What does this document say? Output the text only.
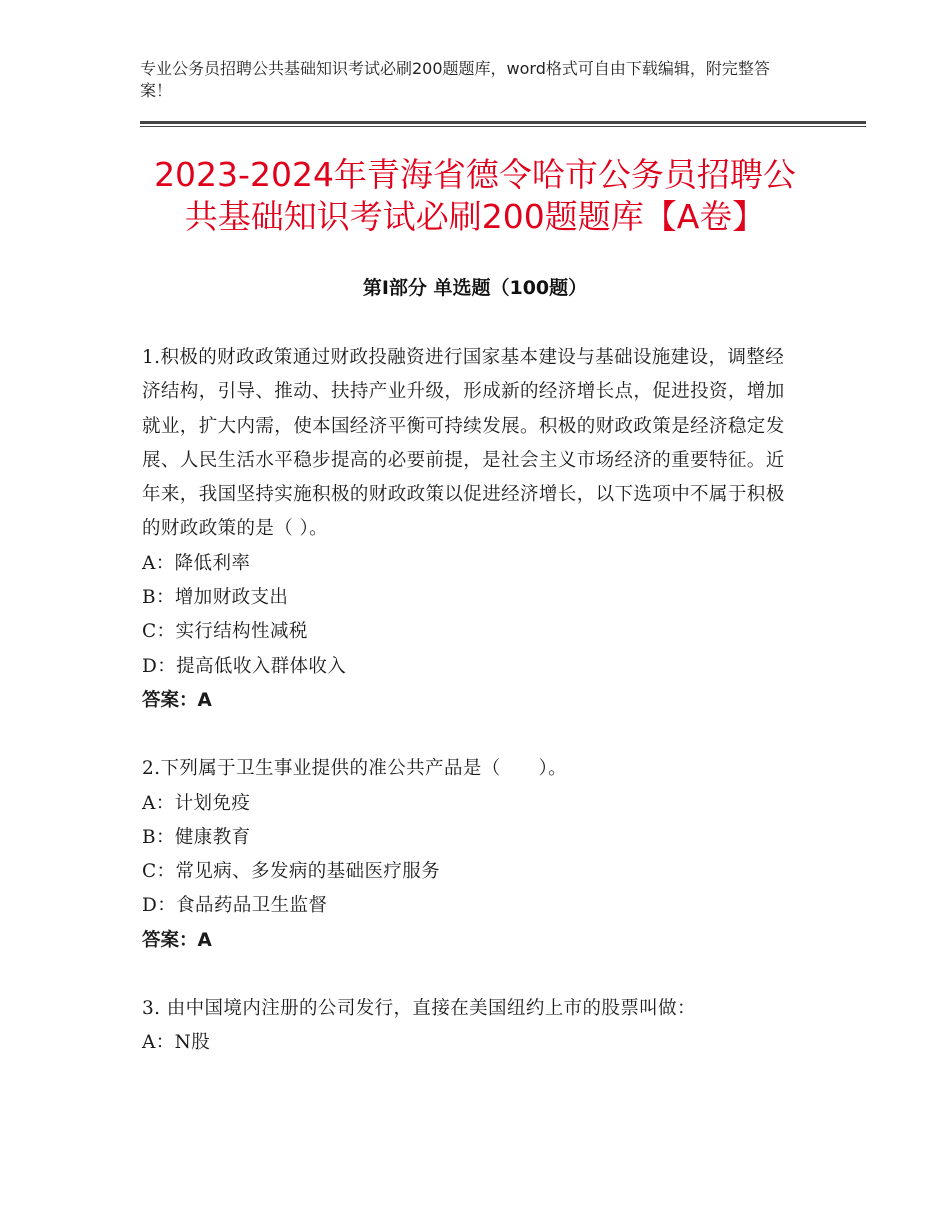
专业公务员招聘公共基础知识考试必刷200题题库，word格式可自由下载编辑，附完整答案！
2023-2024年青海省德令哈市公务员招聘公共基础知识考试必刷200题题库【A卷】
第Ⅰ部分 单选题（100题）

1.积极的财政政策通过财政投融资进行国家基本建设与基础设施建设，调整经济结构，引导、推动、扶持产业升级，形成新的经济增长点，促进投资，增加就业，扩大内需，使本国经济平衡可持续发展。积极的财政政策是经济稳定发展、人民生活水平稳步提高的必要前提，是社会主义市场经济的重要特征。近年来，我国坚持实施积极的财政政策以促进经济增长，以下选项中不属于积极的财政政策的是（ ）。

A：降低利率

B：增加财政支出

C：实行结构性减税

D：提高低收入群体收入

答案：A

2.下列属于卫生事业提供的准公共产品是（　　）。

A：计划免疫

B：健康教育

C：常见病、多发病的基础医疗服务

D：食品药品卫生监督

答案：A

3. 由中国境内注册的公司发行，直接在美国纽约上市的股票叫做：

A：N股
